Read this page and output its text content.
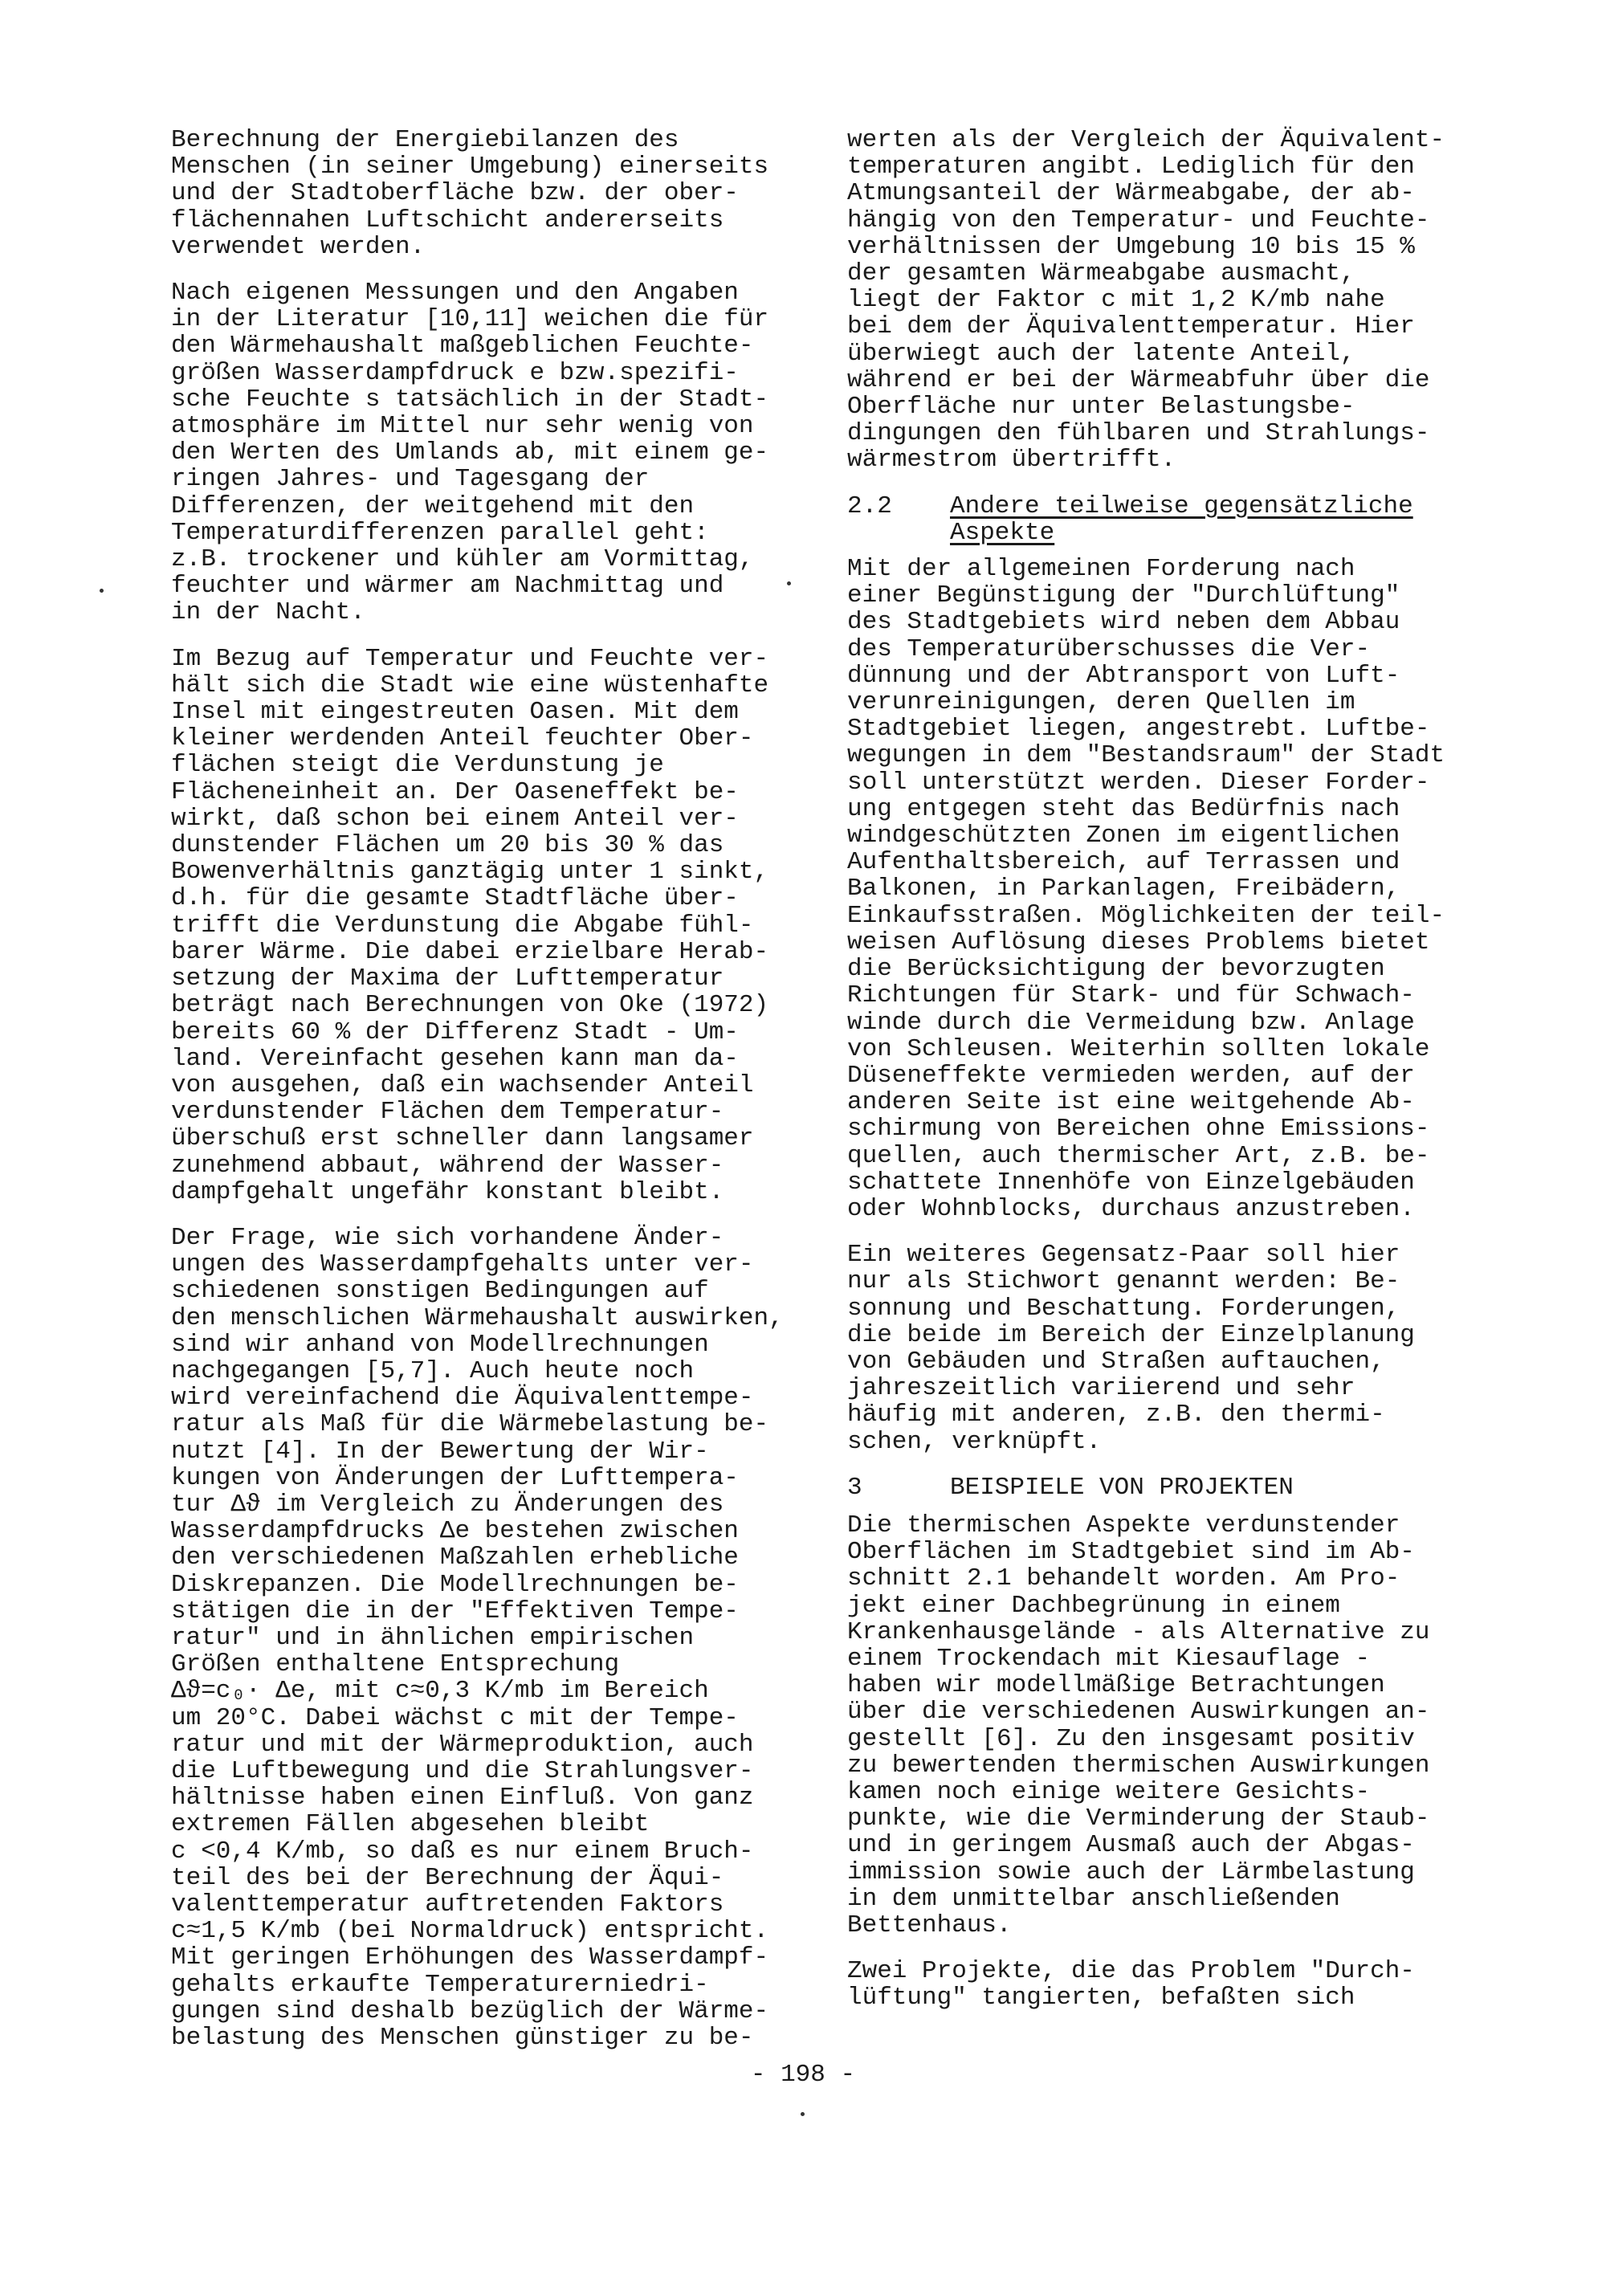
Berechnung der Energiebilanzen des
Menschen (in seiner Umgebung) einerseits
und der Stadtoberfläche bzw. der ober-
flächennahen Luftschicht andererseits
verwendet werden.

Nach eigenen Messungen und den Angaben
in der Literatur [10,11] weichen die für
den Wärmehaushalt maßgeblichen Feuchte-
größen Wasserdampfdruck e bzw.spezifi-
sche Feuchte s tatsächlich in der Stadt-
atmosphäre im Mittel nur sehr wenig von
den Werten des Umlands ab, mit einem ge-
ringen Jahres- und Tagesgang der
Differenzen, der weitgehend mit den
Temperaturdifferenzen parallel geht:
z.B. trockener und kühler am Vormittag,
feuchter und wärmer am Nachmittag und
in der Nacht.

Im Bezug auf Temperatur und Feuchte ver-
hält sich die Stadt wie eine wüstenhafte
Insel mit eingestreuten Oasen. Mit dem
kleiner werdenden Anteil feuchter Ober-
flächen steigt die Verdunstung je
Flächeneinheit an. Der Oaseneffekt be-
wirkt, daß schon bei einem Anteil ver-
dunstender Flächen um 20 bis 30 % das
Bowenverhältnis ganztägig unter 1 sinkt,
d.h. für die gesamte Stadtfläche über-
trifft die Verdunstung die Abgabe fühl-
barer Wärme. Die dabei erzielbare Herab-
setzung der Maxima der Lufttemperatur
beträgt nach Berechnungen von Oke (1972)
bereits 60 % der Differenz Stadt - Um-
land. Vereinfacht gesehen kann man da-
von ausgehen, daß ein wachsender Anteil
verdunstender Flächen dem Temperatur-
überschuß erst schneller dann langsamer
zunehmend abbaut, während der Wasser-
dampfgehalt ungefähr konstant bleibt.

Der Frage, wie sich vorhandene Änder-
ungen des Wasserdampfgehalts unter ver-
schiedenen sonstigen Bedingungen auf
den menschlichen Wärmehaushalt auswirken,
sind wir anhand von Modellrechnungen
nachgegangen [5,7]. Auch heute noch
wird vereinfachend die Äquivalenttempe-
ratur als Maß für die Wärmebelastung be-
nutzt [4]. In der Bewertung der Wir-
kungen von Änderungen der Lufttempera-
tur Δϑ im Vergleich zu Änderungen des
Wasserdampfdrucks Δe bestehen zwischen
den verschiedenen Maßzahlen erhebliche
Diskrepanzen. Die Modellrechnungen be-
stätigen die in der "Effektiven Tempe-
ratur" und in ähnlichen empirischen
Größen enthaltene Entsprechung
Δϑ=c₀· Δe, mit c≈0,3 K/mb im Bereich
um 20°C. Dabei wächst c mit der Tempe-
ratur und mit der Wärmeproduktion, auch
die Luftbewegung und die Strahlungsver-
hältnisse haben einen Einfluß. Von ganz
extremen Fällen abgesehen bleibt
c <0,4 K/mb, so daß es nur einem Bruch-
teil des bei der Berechnung der Äqui-
valenttemperatur auftretenden Faktors
c≈1,5 K/mb (bei Normaldruck) entspricht.
Mit geringen Erhöhungen des Wasserdampf-
gehalts erkaufte Temperaturerniedri-
gungen sind deshalb bezüglich der Wärme-
belastung des Menschen günstiger zu be-

werten als der Vergleich der Äquivalent-
temperaturen angibt. Lediglich für den
Atmungsanteil der Wärmeabgabe, der ab-
hängig von den Temperatur- und Feuchte-
verhältnissen der Umgebung 10 bis 15 %
der gesamten Wärmeabgabe ausmacht,
liegt der Faktor c mit 1,2 K/mb nahe
bei dem der Äquivalenttemperatur. Hier
überwiegt auch der latente Anteil,
während er bei der Wärmeabfuhr über die
Oberfläche nur unter Belastungsbe-
dingungen den fühlbaren und Strahlungs-
wärmestrom übertrifft.

2.2	Andere teilweise gegensätzliche
Aspekte

Mit der allgemeinen Forderung nach
einer Begünstigung der "Durchlüftung"
des Stadtgebiets wird neben dem Abbau
des Temperaturüberschusses die Ver-
dünnung und der Abtransport von Luft-
verunreinigungen, deren Quellen im
Stadtgebiet liegen, angestrebt. Luftbe-
wegungen in dem "Bestandsraum" der Stadt
soll unterstützt werden. Dieser Forder-
ung entgegen steht das Bedürfnis nach
windgeschützten Zonen im eigentlichen
Aufenthaltsbereich, auf Terrassen und
Balkonen, in Parkanlagen, Freibädern,
Einkaufsstraßen. Möglichkeiten der teil-
weisen Auflösung dieses Problems bietet
die Berücksichtigung der bevorzugten
Richtungen für Stark- und für Schwach-
winde durch die Vermeidung bzw. Anlage
von Schleusen. Weiterhin sollten lokale
Düseneffekte vermieden werden, auf der
anderen Seite ist eine weitgehende Ab-
schirmung von Bereichen ohne Emissions-
quellen, auch thermischer Art, z.B. be-
schattete Innenhöfe von Einzelgebäuden
oder Wohnblocks, durchaus anzustreben.

Ein weiteres Gegensatz-Paar soll hier
nur als Stichwort genannt werden: Be-
sonnung und Beschattung. Forderungen,
die beide im Bereich der Einzelplanung
von Gebäuden und Straßen auftauchen,
jahreszeitlich variierend und sehr
häufig mit anderen, z.B. den thermi-
schen, verknüpft.

3	BEISPIELE VON PROJEKTEN

Die thermischen Aspekte verdunstender
Oberflächen im Stadtgebiet sind im Ab-
schnitt 2.1 behandelt worden. Am Pro-
jekt einer Dachbegrünung in einem
Krankenhausgelände - als Alternative zu
einem Trockendach mit Kiesauflage -
haben wir modellmäßige Betrachtungen
über die verschiedenen Auswirkungen an-
gestellt [6]. Zu den insgesamt positiv
zu bewertenden thermischen Auswirkungen
kamen noch einige weitere Gesichts-
punkte, wie die Verminderung der Staub-
und in geringem Ausmaß auch der Abgas-
immission sowie auch der Lärmbelastung
in dem unmittelbar anschließenden
Bettenhaus.

Zwei Projekte, die das Problem "Durch-
lüftung" tangierten, befaßten sich

- 198 -
